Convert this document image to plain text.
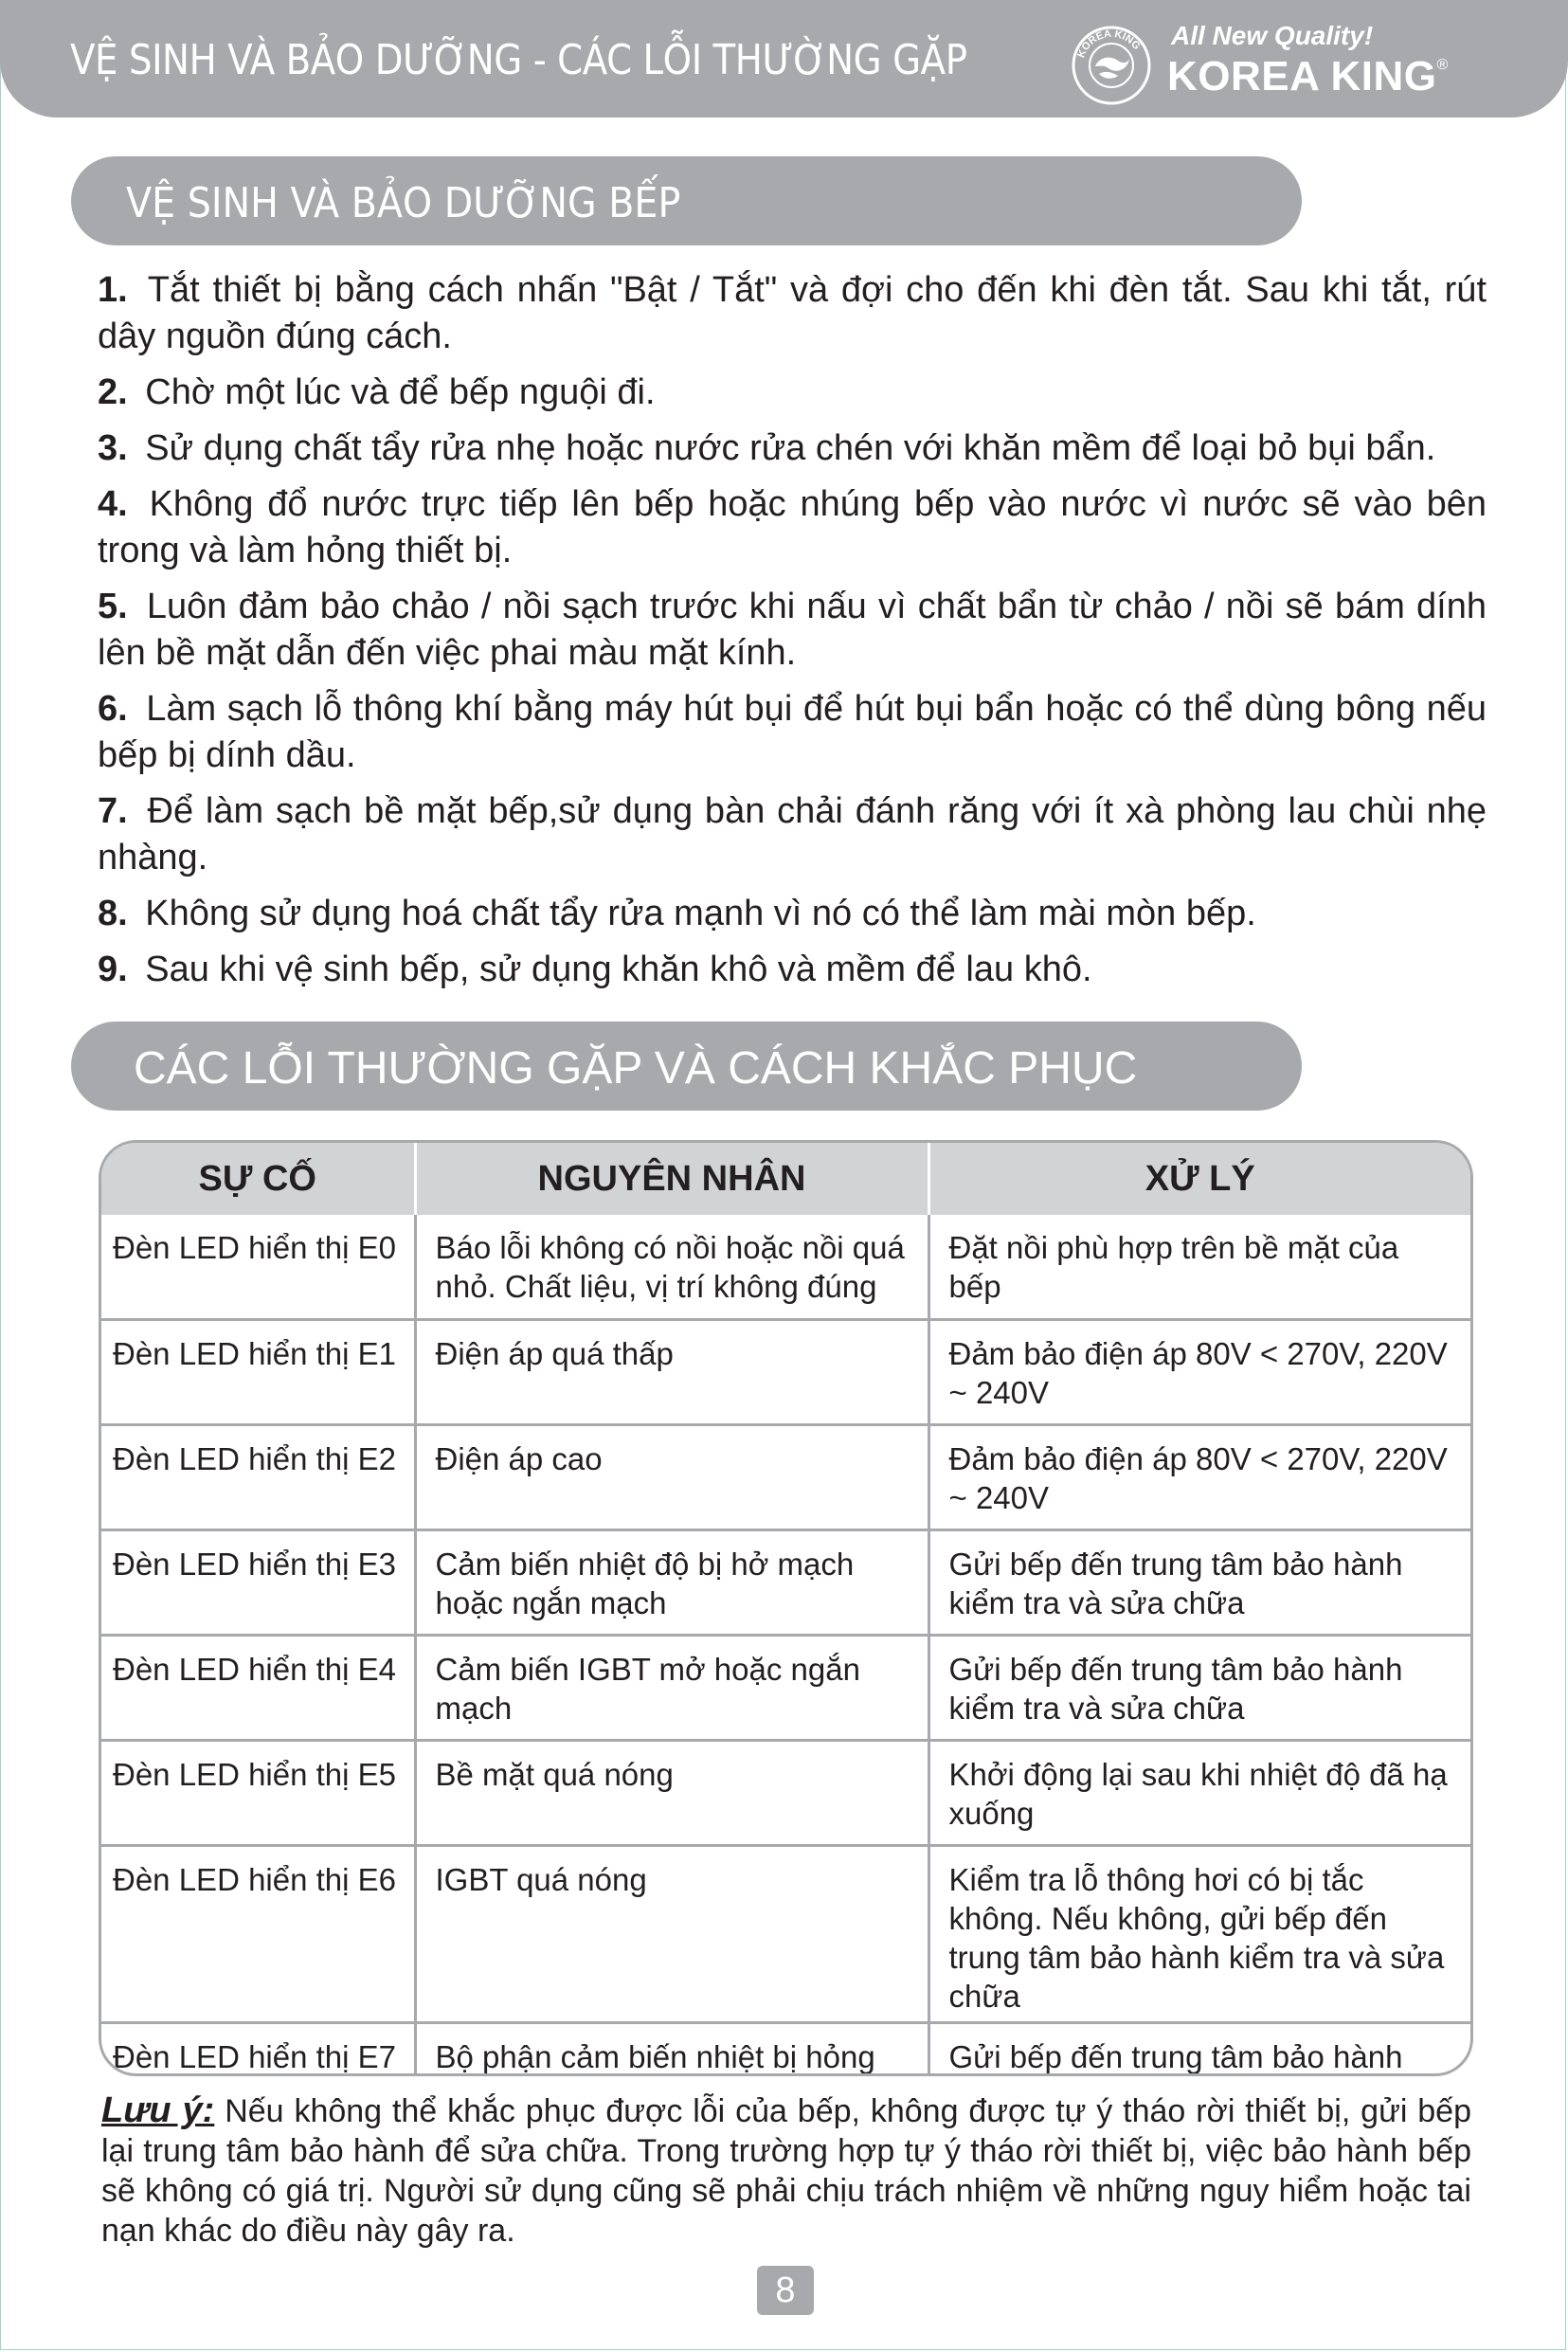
VỆ SINH VÀ BẢO DƯỠNG - CÁC LỖI THƯỜNG GẶP	KOREA KING All New Quality!
KOREA KING®
VỆ SINH VÀ BẢO DƯỠNG BẾP
1. Tắt thiết bị bằng cách nhấn "Bật / Tắt" và đợi cho đến khi đèn tắt. Sau khi tắt, rút dây nguồn đúng cách.
2. Chờ một lúc và để bếp nguội đi.
3. Sử dụng chất tẩy rửa nhẹ hoặc nước rửa chén với khăn mềm để loại bỏ bụi bẩn.
4. Không đổ nước trực tiếp lên bếp hoặc nhúng bếp vào nước vì nước sẽ vào bên trong và làm hỏng thiết bị.
5. Luôn đảm bảo chảo / nồi sạch trước khi nấu vì chất bẩn từ chảo / nồi sẽ bám dính lên bề mặt dẫn đến việc phai màu mặt kính.
6. Làm sạch lỗ thông khí bằng máy hút bụi để hút bụi bẩn hoặc có thể dùng bông nếu bếp bị dính dầu.
7. Để làm sạch bề mặt bếp,sử dụng bàn chải đánh răng với ít xà phòng lau chùi nhẹ nhàng.
8. Không sử dụng hoá chất tẩy rửa mạnh vì nó có thể làm mài mòn bếp.
9. Sau khi vệ sinh bếp, sử dụng khăn khô và mềm để lau khô.
CÁC LỖI THƯỜNG GẶP VÀ CÁCH KHẮC PHỤC
SỰ CỐ	NGUYÊN NHÂN	XỬ LÝ
Đèn LED hiển thị E0	Báo lỗi không có nồi hoặc nồi quá nhỏ. Chất liệu, vị trí không đúng	Đặt nồi phù hợp trên bề mặt của bếp
Đèn LED hiển thị E1	Điện áp quá thấp	Đảm bảo điện áp 80V < 270V, 220V ~ 240V
Đèn LED hiển thị E2	Điện áp cao	Đảm bảo điện áp 80V < 270V, 220V ~ 240V
Đèn LED hiển thị E3	Cảm biến nhiệt độ bị hở mạch hoặc ngắn mạch	Gửi bếp đến trung tâm bảo hành kiểm tra và sửa chữa
Đèn LED hiển thị E4	Cảm biến IGBT mở hoặc ngắn mạch	Gửi bếp đến trung tâm bảo hành kiểm tra và sửa chữa
Đèn LED hiển thị E5	Bề mặt quá nóng	Khởi động lại sau khi nhiệt độ đã hạ xuống
Đèn LED hiển thị E6	IGBT quá nóng	Kiểm tra lỗ thông hơi có bị tắc không. Nếu không, gửi bếp đến trung tâm bảo hành kiểm tra và sửa chữa
Đèn LED hiển thị E7	Bộ phận cảm biến nhiệt bị hỏng	Gửi bếp đến trung tâm bảo hành
Lưu ý: Nếu không thể khắc phục được lỗi của bếp, không được tự ý tháo rời thiết bị, gửi bếp lại trung tâm bảo hành để sửa chữa. Trong trường hợp tự ý tháo rời thiết bị, việc bảo hành bếp sẽ không có giá trị. Người sử dụng cũng sẽ phải chịu trách nhiệm về những nguy hiểm hoặc tai nạn khác do điều này gây ra.
8
